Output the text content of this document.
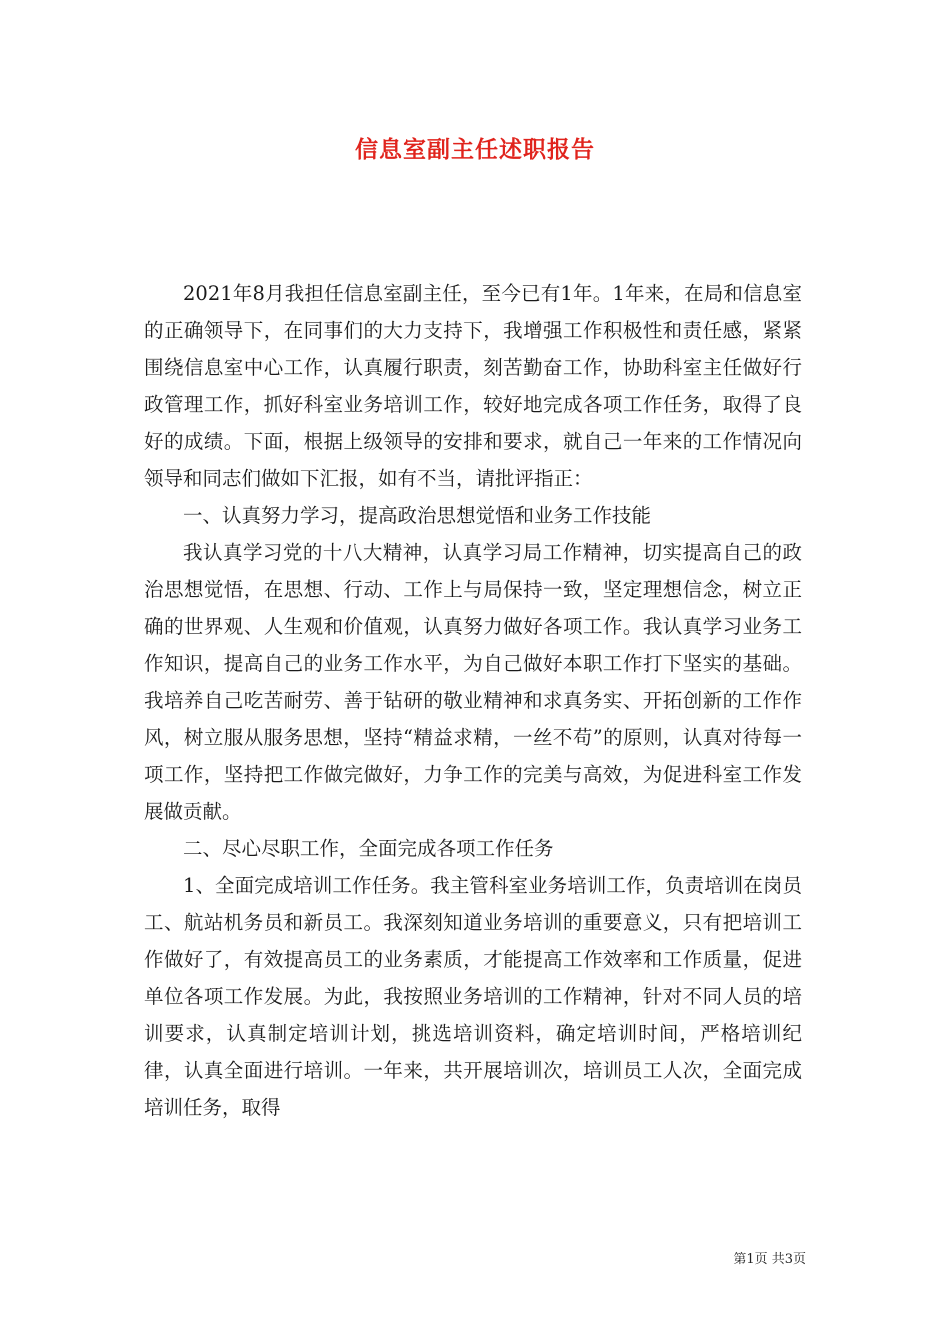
信息室副主任述职报告

2021年8月我担任信息室副主任，至今已有1年。1年来，在局和信息室的正确领导下，在同事们的大力支持下，我增强工作积极性和责任感，紧紧围绕信息室中心工作，认真履行职责，刻苦勤奋工作，协助科室主任做好行政管理工作，抓好科室业务培训工作，较好地完成各项工作任务，取得了良好的成绩。下面，根据上级领导的安排和要求，就自己一年来的工作情况向领导和同志们做如下汇报，如有不当，请批评指正：

一、认真努力学习，提高政治思想觉悟和业务工作技能

我认真学习党的十八大精神，认真学习局工作精神，切实提高自己的政治思想觉悟，在思想、行动、工作上与局保持一致，坚定理想信念，树立正确的世界观、人生观和价值观，认真努力做好各项工作。我认真学习业务工作知识，提高自己的业务工作水平，为自己做好本职工作打下坚实的基础。我培养自己吃苦耐劳、善于钻研的敬业精神和求真务实、开拓创新的工作作风，树立服从服务思想，坚持“精益求精，一丝不苟”的原则，认真对待每一项工作，坚持把工作做完做好，力争工作的完美与高效，为促进科室工作发展做贡献。

二、尽心尽职工作，全面完成各项工作任务

1、全面完成培训工作任务。我主管科室业务培训工作，负责培训在岗员工、航站机务员和新员工。我深刻知道业务培训的重要意义，只有把培训工作做好了，有效提高员工的业务素质，才能提高工作效率和工作质量，促进单位各项工作发展。为此，我按照业务培训的工作精神，针对不同人员的培训要求，认真制定培训计划，挑选培训资料，确定培训时间，严格培训纪律，认真全面进行培训。一年来，共开展培训次，培训员工人次，全面完成培训任务，取得

第1页 共3页
